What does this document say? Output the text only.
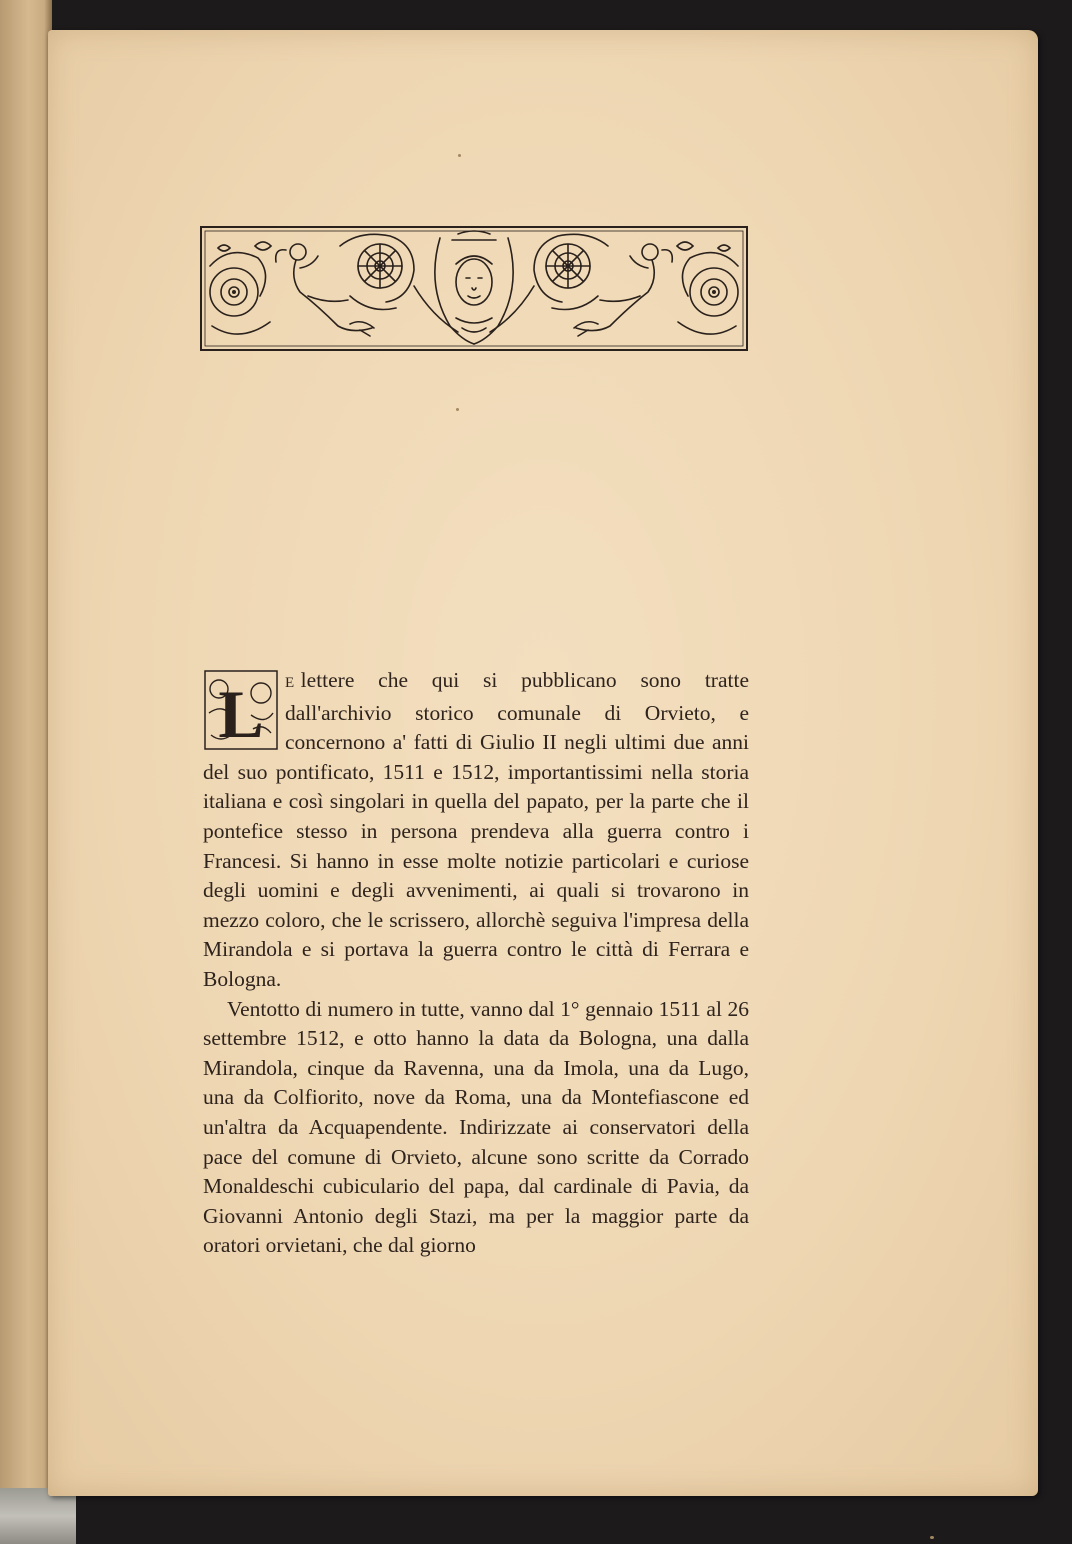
L	E lettere che qui si pubblicano sono tratte dall'archivio storico comunale di Orvieto, e concernono a' fatti di Giulio II negli ultimi due anni del suo pontificato, 1511 e 1512, importantissimi nella storia italiana e così singolari in quella del papato, per la parte che il pontefice stesso in persona prendeva alla guerra contro i Francesi. Si hanno in esse molte notizie particolari e curiose degli uomini e degli avvenimenti, ai quali si trovarono in mezzo coloro, che le scrissero, allorchè seguiva l'impresa della Mirandola e si portava la guerra contro le città di Ferrara e Bologna.

Ventotto di numero in tutte, vanno dal 1° gennaio 1511 al 26 settembre 1512, e otto hanno la data da Bologna, una dalla Mirandola, cinque da Ravenna, una da Imola, una da Lugo, una da Colfiorito, nove da Roma, una da Montefiascone ed un'altra da Acquapendente. Indirizzate ai conservatori della pace del comune di Orvieto, alcune sono scritte da Corrado Monaldeschi cubiculario del papa, dal cardinale di Pavia, da Giovanni Antonio degli Stazi, ma per la maggior parte da oratori orvietani, che dal giorno
